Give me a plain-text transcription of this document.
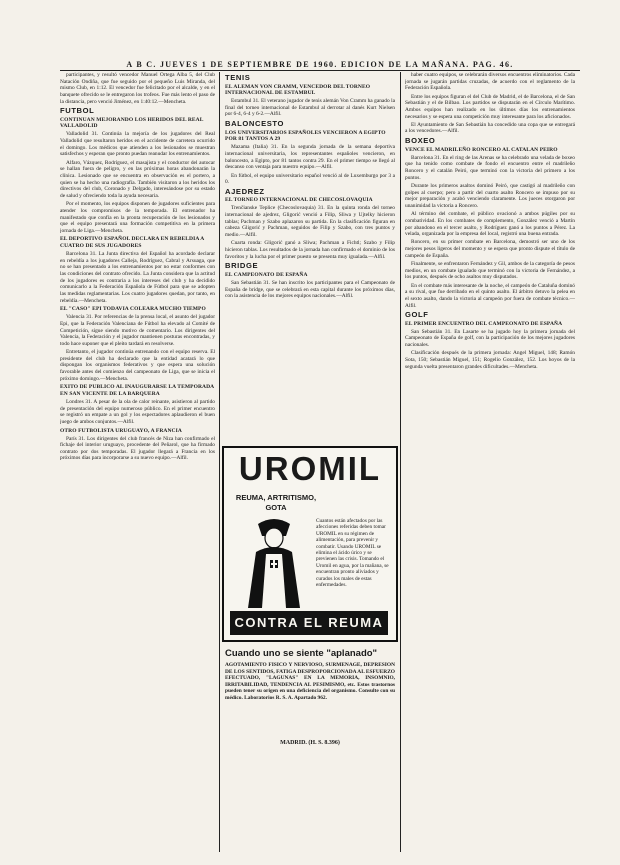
A B C. JUEVES 1 DE SEPTIEMBRE DE 1960. EDICION DE LA MAÑANA. PAG. 46.
participantes, y resultó vencedor Manuel Ortega Alba 5, del Club Natación Ondiña, que fue seguido por el pequeño Luis Miranda, del mismo Club, en 1:12. El vencedor fue felicitado por el alcalde, y en el banquete ofrecido se le entregaron los trofeos. Fue más lento el paso de la distancia, pero venció Jiménez, en 1:40:12.—Mencheta.
FUTBOL
CONTINUAN MEJORANDO LOS HERIDOS DEL REAL VALLADOLID
Valladolid 31. Continúa la mejoría de los jugadores del Real Valladolid que resultaron heridos en el accidente de carretera ocurrido el domingo. Los médicos que atienden a los lesionados se muestran satisfechos y esperan que pronto puedan reanudar los entrenamientos.
Alfaro, Vázquez, Rodríguez, el masajista y el conductor del autocar se hallan fuera de peligro, y en las próximas horas abandonarán la clínica. Lesionado que se encuentra en observación es el portero, a quien se ha hecho una radiografía. También visitaron a los heridos los directivos del club, Coronado y Delgado, interesándose por su estado de salud y ofreciendo toda la ayuda necesaria.
Por el momento, los equipos disponen de jugadores suficientes para atender los compromisos de la temporada. El entrenador ha manifestado que confía en la pronta recuperación de los lesionados y que el equipo presentará una formación competitiva en la primera jornada de Liga.—Mencheta.
EL DEPORTIVO ESPAÑOL DECLARA EN REBELDIA A CUATRO DE SUS JUGADORES
Barcelona 31. La Junta directiva del Español ha acordado declarar en rebeldía a los jugadores Calleja, Rodríguez, Cabral y Arsuaga, que no se han presentado a los entrenamientos por no estar conformes con las condiciones del contrato ofrecido. La Junta considera que la actitud de los jugadores es contraria a los intereses del club y ha decidido comunicarlo a la Federación Española de Fútbol para que se adopten las medidas reglamentarias. Los cuatro jugadores quedan, por tanto, en rebeldía.—Mencheta.
EL "CASO" EPI TODAVIA COLEARA MUCHO TIEMPO
Valencia 31. Por referencias de la prensa local, el asunto del jugador Epi, que la Federación Valenciana de Fútbol ha elevado al Comité de Competición, sigue siendo motivo de comentario. Los dirigentes del Valencia, la Federación y el jugador mantienen posturas encontradas, y todo hace suponer que el pleito tardará en resolverse.
Entretanto, el jugador continúa entrenando con el equipo reserva. El presidente del club ha declarado que la entidad acatará lo que dispongan los organismos federativos y que espera una solución favorable antes del comienzo del campeonato de Liga, que se inicia el próximo domingo.—Mencheta.
EXITO DE PUBLICO AL INAUGURARSE LA TEMPORADA EN SAN VICENTE DE LA BARQUERA
Londres 31. A pesar de la ola de calor reinante, asistieron al partido de presentación del equipo numeroso público. En el primer encuentro se registró un empate a un gol y los espectadores aplaudieron el buen juego de ambos conjuntos.—Alfil.
OTRO FUTBOLISTA URUGUAYO, A FRANCIA
París 31. Los dirigentes del club francés de Niza han confirmado el fichaje del interior uruguayo, procedente del Peñarol, que ha firmado contrato por dos temporadas. El jugador llegará a Francia en los próximos días para incorporarse a su nuevo equipo.—Alfil.
TENIS
EL ALEMAN VON CRAMM, VENCEDOR DEL TORNEO INTERNACIONAL DE ESTAMBUL
Estambul 31. El veterano jugador de tenis alemán Von Cramm ha ganado la final del torneo internacional de Estambul al derrotar al danés Kurt Nielsen por 6-4, 6-4 y 6-2.—Alfil.
BALONCESTO
LOS UNIVERSITARIOS ESPAÑOLES VENCIERON A EGIPTO POR 81 TANTOS A 29
Mazama (Italia) 31. En la segunda jornada de la semana deportiva internacional universitaria, los representantes españoles vencieron, en baloncesto, a Egipto, por 81 tantos contra 29. En el primer tiempo se llegó al descanso con ventaja para nuestro equipo.—Alfil.
En fútbol, el equipo universitario español venció al de Luxemburgo por 3 a 0.
AJEDREZ
EL TORNEO INTERNACIONAL DE CHECOSLOVAQUIA
Trenčianske Teplice (Checoslovaquia) 31. En la quinta ronda del torneo internacional de ajedrez, Gligorić venció a Filip, Sliwa y Ujtelky hicieron tablas; Pachman y Szabo aplazaron su partida. En la clasificación figuran en cabeza Gligorić y Pachman, seguidos de Filip y Szabo, con tres puntos y medio.—Alfil.
Cuarta ronda: Gligorić ganó a Sliwa; Pachman a Fichtl; Szabo y Filip hicieron tablas. Los resultados de la jornada han confirmado el dominio de los favoritos y la lucha por el primer puesto se presenta muy igualada.—Alfil.
BRIDGE
EL CAMPEONATO DE ESPAÑA
San Sebastián 31. Se han inscrito los participantes para el Campeonato de España de bridge, que se celebrará en esta capital durante los próximos días, con la asistencia de los mejores equipos nacionales.—Alfil.
haber cuatro equipos, se celebrarán diversos encuentros eliminatorios. Cada jornada se jugarán partidas cruzadas, de acuerdo con el reglamento de la Federación Española.
Entre los equipos figuran el del Club de Madrid, el de Barcelona, el de San Sebastián y el de Bilbao. Los partidos se disputarán en el Círculo Marítimo. Ambos equipos han realizado en los últimos días los entrenamientos necesarios y se espera una competición muy interesante para los aficionados.
El Ayuntamiento de San Sebastián ha concedido una copa que se entregará a los vencedores.—Alfil.
BOXEO
VENCE EL MADRILEÑO RONCERO AL CATALAN PEIRO
Barcelona 31. En el ring de las Arenas se ha celebrado una velada de boxeo que ha tenido como combate de fondo el encuentro entre el madrileño Roncero y el catalán Peiró, que terminó con la victoria del primero a los puntos.
Durante los primeros asaltos dominó Peiró, que castigó al madrileño con golpes al cuerpo; pero a partir del cuarto asalto Roncero se impuso por su mejor preparación y acabó venciendo claramente. Los jueces otorgaron por unanimidad la victoria a Roncero.
Al término del combate, el público ovacionó a ambos púgiles por su combatividad. En los combates de complemento, González venció a Martín por abandono en el tercer asalto, y Rodríguez ganó a los puntos a Pérez. La velada, organizada por la empresa del local, registró una buena entrada.
Roncero, en su primer combate en Barcelona, demostró ser uno de los mejores pesos ligeros del momento y se espera que pronto dispute el título de campeón de España.
Finalmente, se enfrentaron Fernández y Gil, ambos de la categoría de pesos medios, en un combate igualado que terminó con la victoria de Fernández, a los puntos, después de ocho asaltos muy disputados.
En el combate más interesante de la noche, el campeón de Cataluña dominó a su rival, que fue derribado en el quinto asalto. El árbitro detuvo la pelea en el sexto asalto, dando la victoria al campeón por fuera de combate técnico.—Alfil.
GOLF
EL PRIMER ENCUENTRO DEL CAMPEONATO DE ESPAÑA
San Sebastián 31. En Lasarte se ha jugado hoy la primera jornada del Campeonato de España de golf, con la participación de los mejores jugadores nacionales.
Clasificación después de la primera jornada: Angel Miguel, 148; Ramón Sota, 150; Sebastián Miguel, 151; Rogelio González, 152. Los hoyos de la segunda vuelta presentaron grandes dificultades.—Mencheta.
UROMIL
REUMA, ARTRITISMO,
GOTA
Cuantos están afectados por las afecciones referidas deben tomar UROMIL en su régimen de alimentación, para prevenir y combatir. Usando UROMIL se elimina el ácido úrico y se previenen las crisis. Tomando el Uromil en agua, por la mañana, se encuentran pronto aliviados y curados los males de estas enfermedades.
CONTRA EL REUMA
Cuando uno se siente "aplanado"
AGOTAMIENTO FISICO Y NERVIOSO, SURMENAGE, DEPRESION DE LOS SENTIDOS, FATIGA DESPROPORCIONADA AL ESFUERZO EFECTUADO, "LAGUNAS" EN LA MEMORIA, INSOMNIO, IRRITABILIDAD, TENDENCIA AL PESIMISMO, etc. Estos trastornos pueden tener su origen en una deficiencia del organismo. Consulte con su médico. Laboratorios R. S. A. Apartado 962.
MADRID. (H. S. 8.396)
